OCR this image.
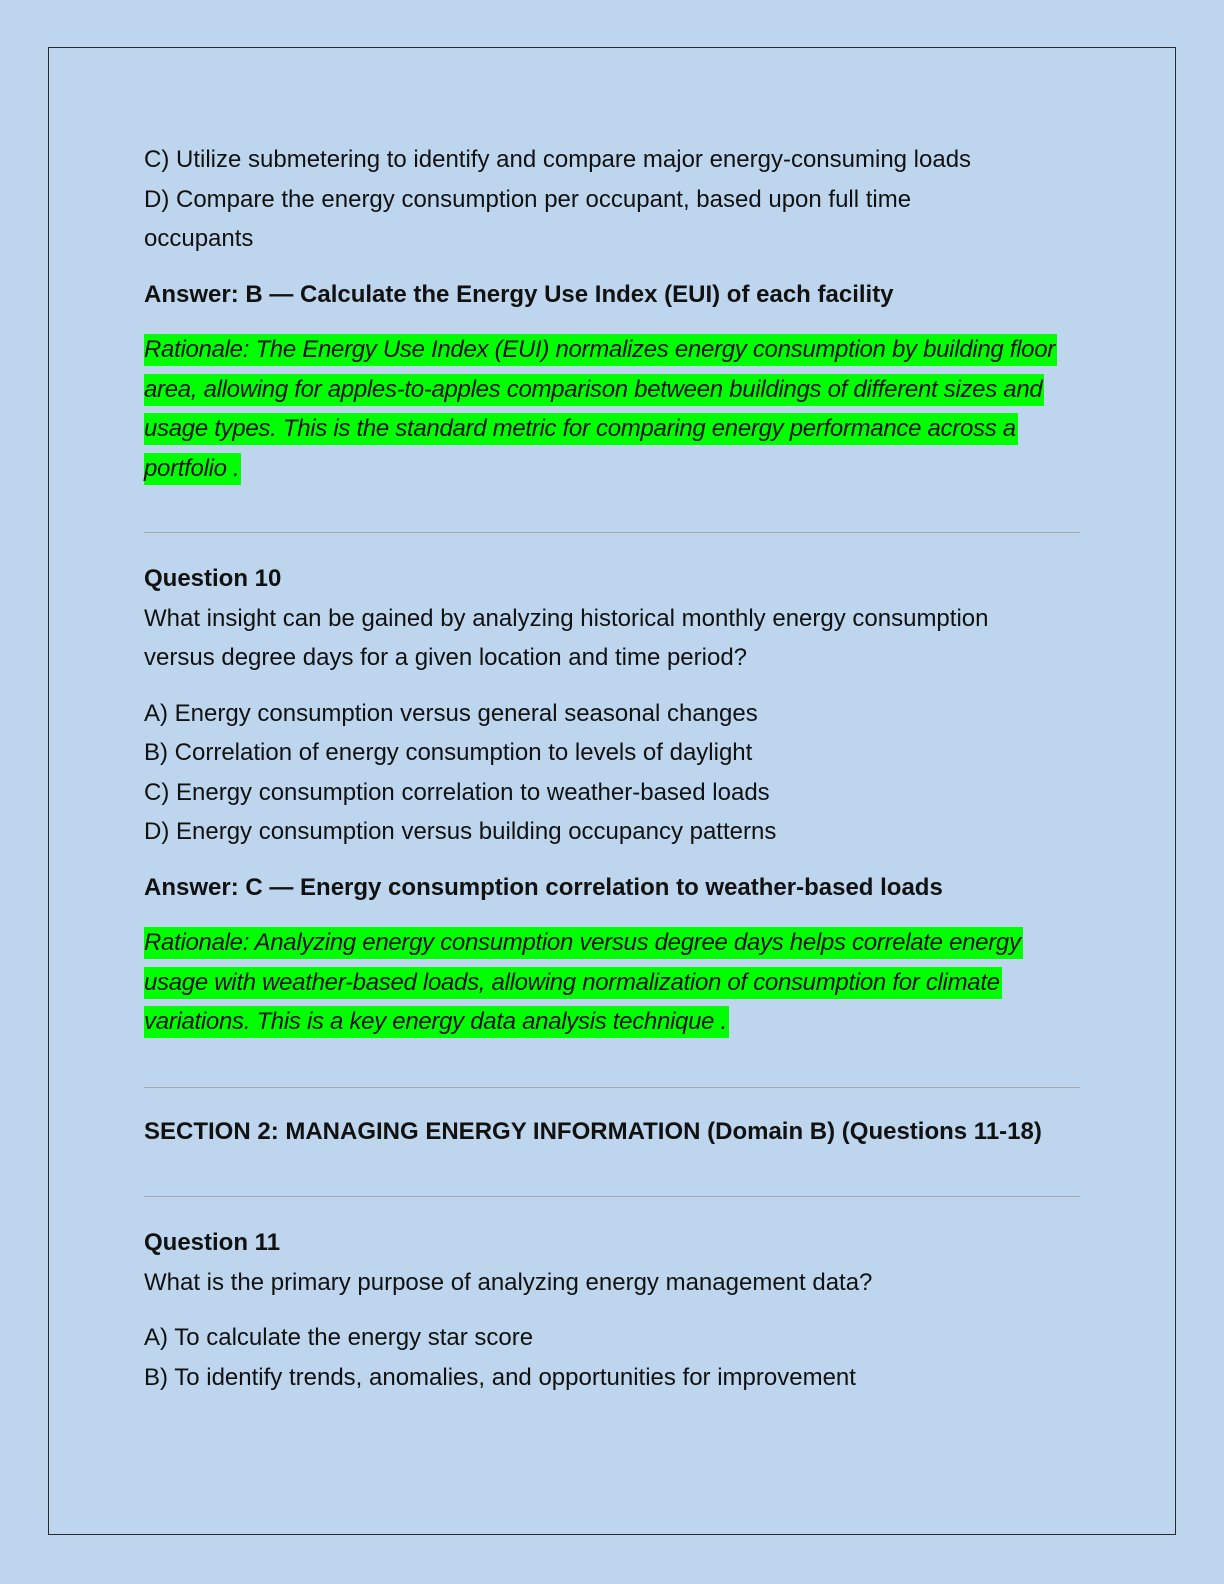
C) Utilize submetering to identify and compare major energy-consuming loads

D) Compare the energy consumption per occupant, based upon full time occupants

Answer: B — Calculate the Energy Use Index (EUI) of each facility

Rationale: The Energy Use Index (EUI) normalizes energy consumption by building floor area, allowing for apples-to-apples comparison between buildings of different sizes and usage types. This is the standard metric for comparing energy performance across a portfolio .

Question 10

What insight can be gained by analyzing historical monthly energy consumption versus degree days for a given location and time period?

A) Energy consumption versus general seasonal changes

B) Correlation of energy consumption to levels of daylight

C) Energy consumption correlation to weather-based loads

D) Energy consumption versus building occupancy patterns

Answer: C — Energy consumption correlation to weather-based loads

Rationale: Analyzing energy consumption versus degree days helps correlate energy usage with weather-based loads, allowing normalization of consumption for climate variations. This is a key energy data analysis technique .

SECTION 2: MANAGING ENERGY INFORMATION (Domain B) (Questions 11-18)

Question 11

What is the primary purpose of analyzing energy management data?

A) To calculate the energy star score

B) To identify trends, anomalies, and opportunities for improvement
